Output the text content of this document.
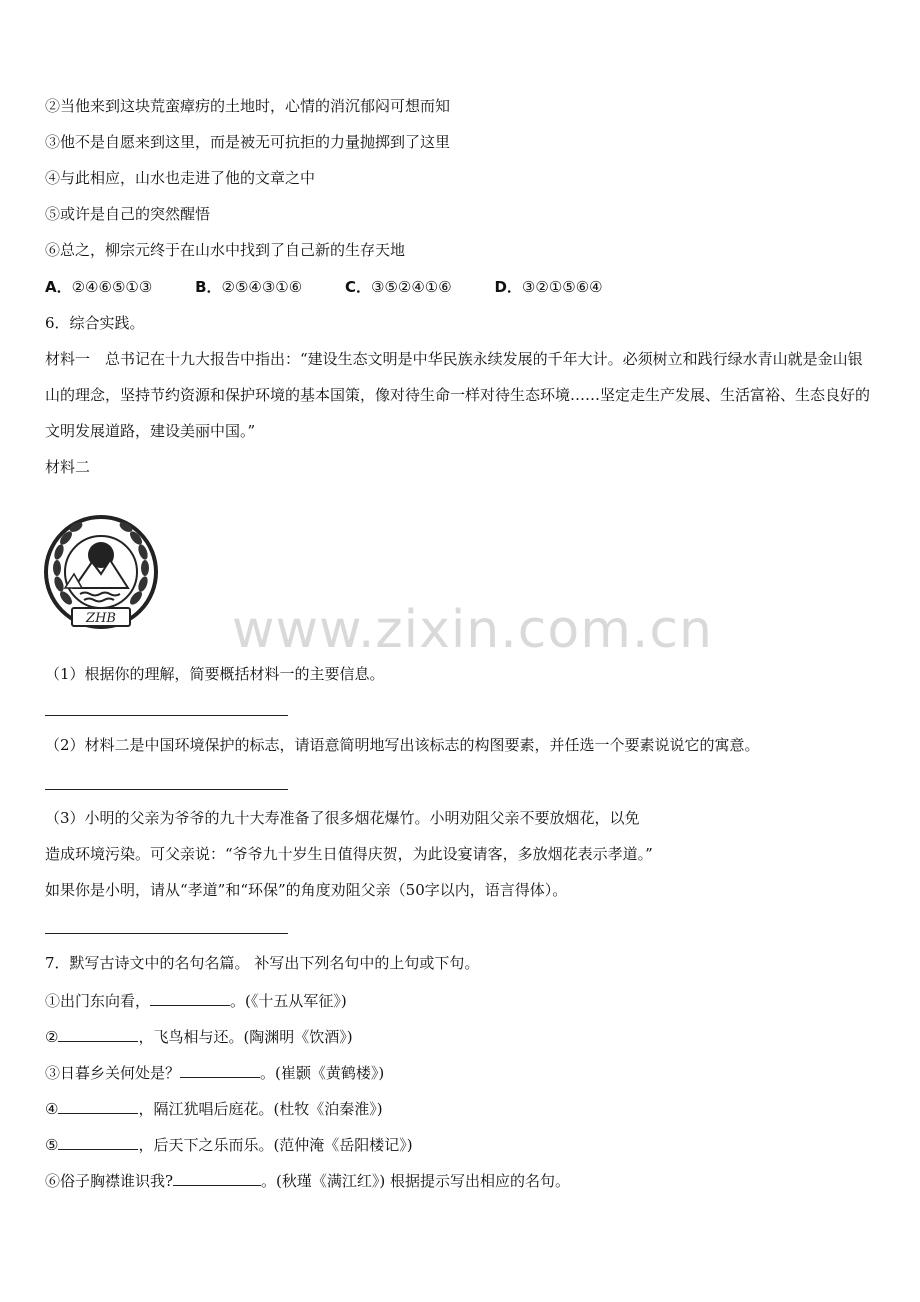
②当他来到这块荒蛮瘴疠的土地时，心情的消沉郁闷可想而知
③他不是自愿来到这里，而是被无可抗拒的力量抛掷到了这里
④与此相应，山水也走进了他的文章之中
⑤或许是自己的突然醒悟
⑥总之，柳宗元终于在山水中找到了自己新的生存天地
A．②④⑥⑤①③	B．②⑤④③①⑥	C．③⑤②④①⑥	D．③②①⑤⑥④
6．综合实践。
材料一　总书记在十九大报告中指出：“建设生态文明是中华民族永续发展的千年大计。必须树立和践行绿水青山就是金山银山的理念，坚持节约资源和保护环境的基本国策，像对待生命一样对待生态环境……坚定走生产发展、生活富裕、生态良好的文明发展道路，建设美丽中国。”
材料二
ZHB www.zixin.com.cn
（1）根据你的理解，简要概括材料一的主要信息。
（2）材料二是中国环境保护的标志，请语意简明地写出该标志的构图要素，并任选一个要素说说它的寓意。
（3）小明的父亲为爷爷的九十大寿准备了很多烟花爆竹。小明劝阻父亲不要放烟花，以免
造成环境污染。可父亲说：“爷爷九十岁生日值得庆贺，为此设宴请客，多放烟花表示孝道。”
如果你是小明，请从“孝道”和“环保”的角度劝阻父亲（50字以内，语言得体）。
7．默写古诗文中的名句名篇。 补写出下列名句中的上句或下句。
①出门东向看，	。(《十五从军征》)
②	，飞鸟相与还。(陶渊明《饮酒》)
③日暮乡关何处是？	。(崔颢《黄鹤楼》)
④	，隔江犹唱后庭花。(杜牧《泊秦淮》)
⑤	，后天下之乐而乐。(范仲淹《岳阳楼记》)
⑥俗子胸襟谁识我?	。(秋瑾《满江红》) 根据提示写出相应的名句。
